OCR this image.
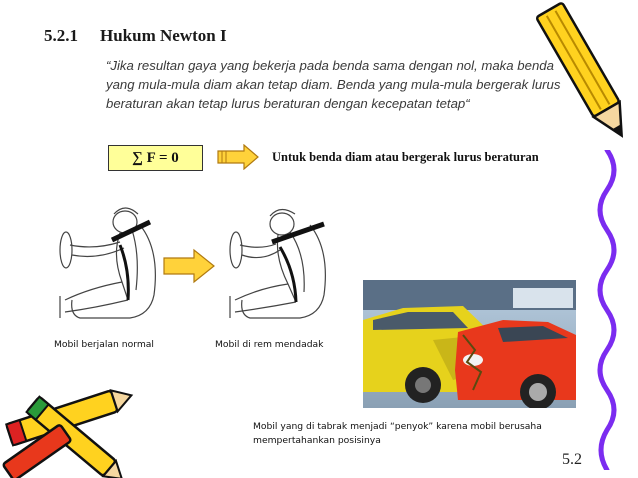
5.2.1 Hukum Newton I
“Jika resultan gaya yang bekerja pada benda sama dengan nol, maka benda yang mula-mula diam akan tetap diam. Benda yang mula-mula bergerak lurus beraturan akan tetap lurus beraturan dengan kecepatan tetap“
∑ F = 0	Untuk benda diam atau bergerak lurus beraturan
Mobil berjalan normal	Mobil di rem mendadak
Mobil yang di tabrak menjadi “penyok” karena mobil berusaha
mempertahankan posisinya
5.2
